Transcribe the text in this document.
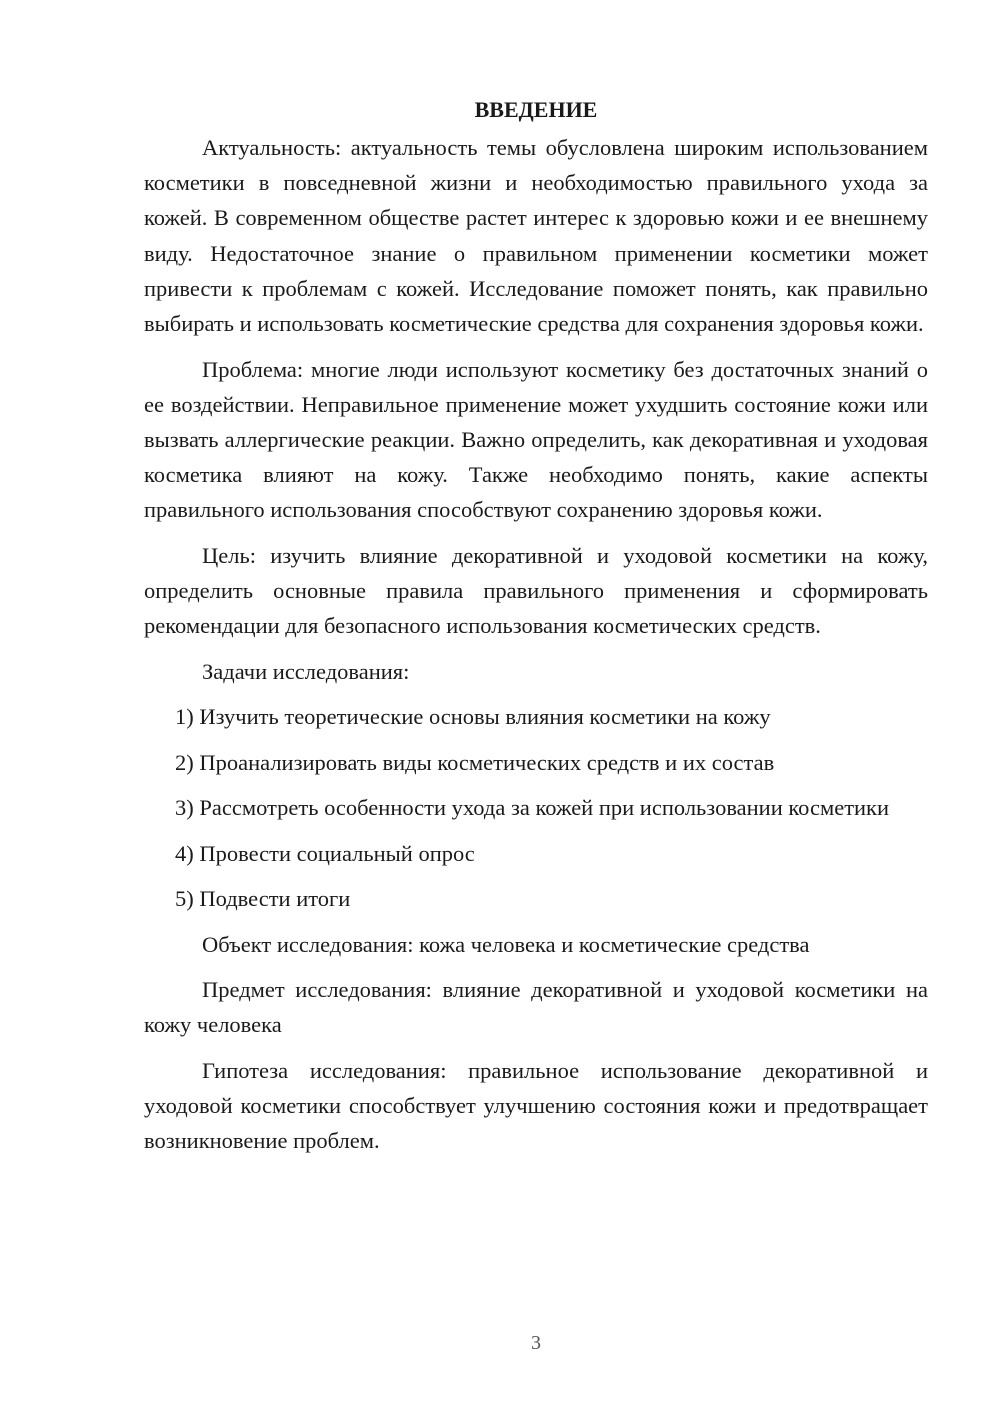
ВВЕДЕНИЕ

Актуальность: актуальность темы обусловлена широким использованием косметики в повседневной жизни и необходимостью правильного ухода за кожей. В современном обществе растет интерес к здоровью кожи и ее внешнему виду. Недостаточное знание о правильном применении косметики может привести к проблемам с кожей. Исследование поможет понять, как правильно выбирать и использовать косметические средства для сохранения здоровья кожи.

Проблема: многие люди используют косметику без достаточных знаний о ее воздействии. Неправильное применение может ухудшить состояние кожи или вызвать аллергические реакции. Важно определить, как декоративная и уходовая косметика влияют на кожу. Также необходимо понять, какие аспекты правильного использования способствуют сохранению здоровья кожи.

Цель: изучить влияние декоративной и уходовой косметики на кожу, определить основные правила правильного применения и сформировать рекомендации для безопасного использования косметических средств.

Задачи исследования:

1) Изучить теоретические основы влияния косметики на кожу

2) Проанализировать виды косметических средств и их состав

3) Рассмотреть особенности ухода за кожей при использовании косметики

4) Провести социальный опрос

5) Подвести итоги

Объект исследования: кожа человека и косметические средства

Предмет исследования: влияние декоративной и уходовой косметики на кожу человека

Гипотеза исследования: правильное использование декоративной и уходовой косметики способствует улучшению состояния кожи и предотвращает возникновение проблем.

3
